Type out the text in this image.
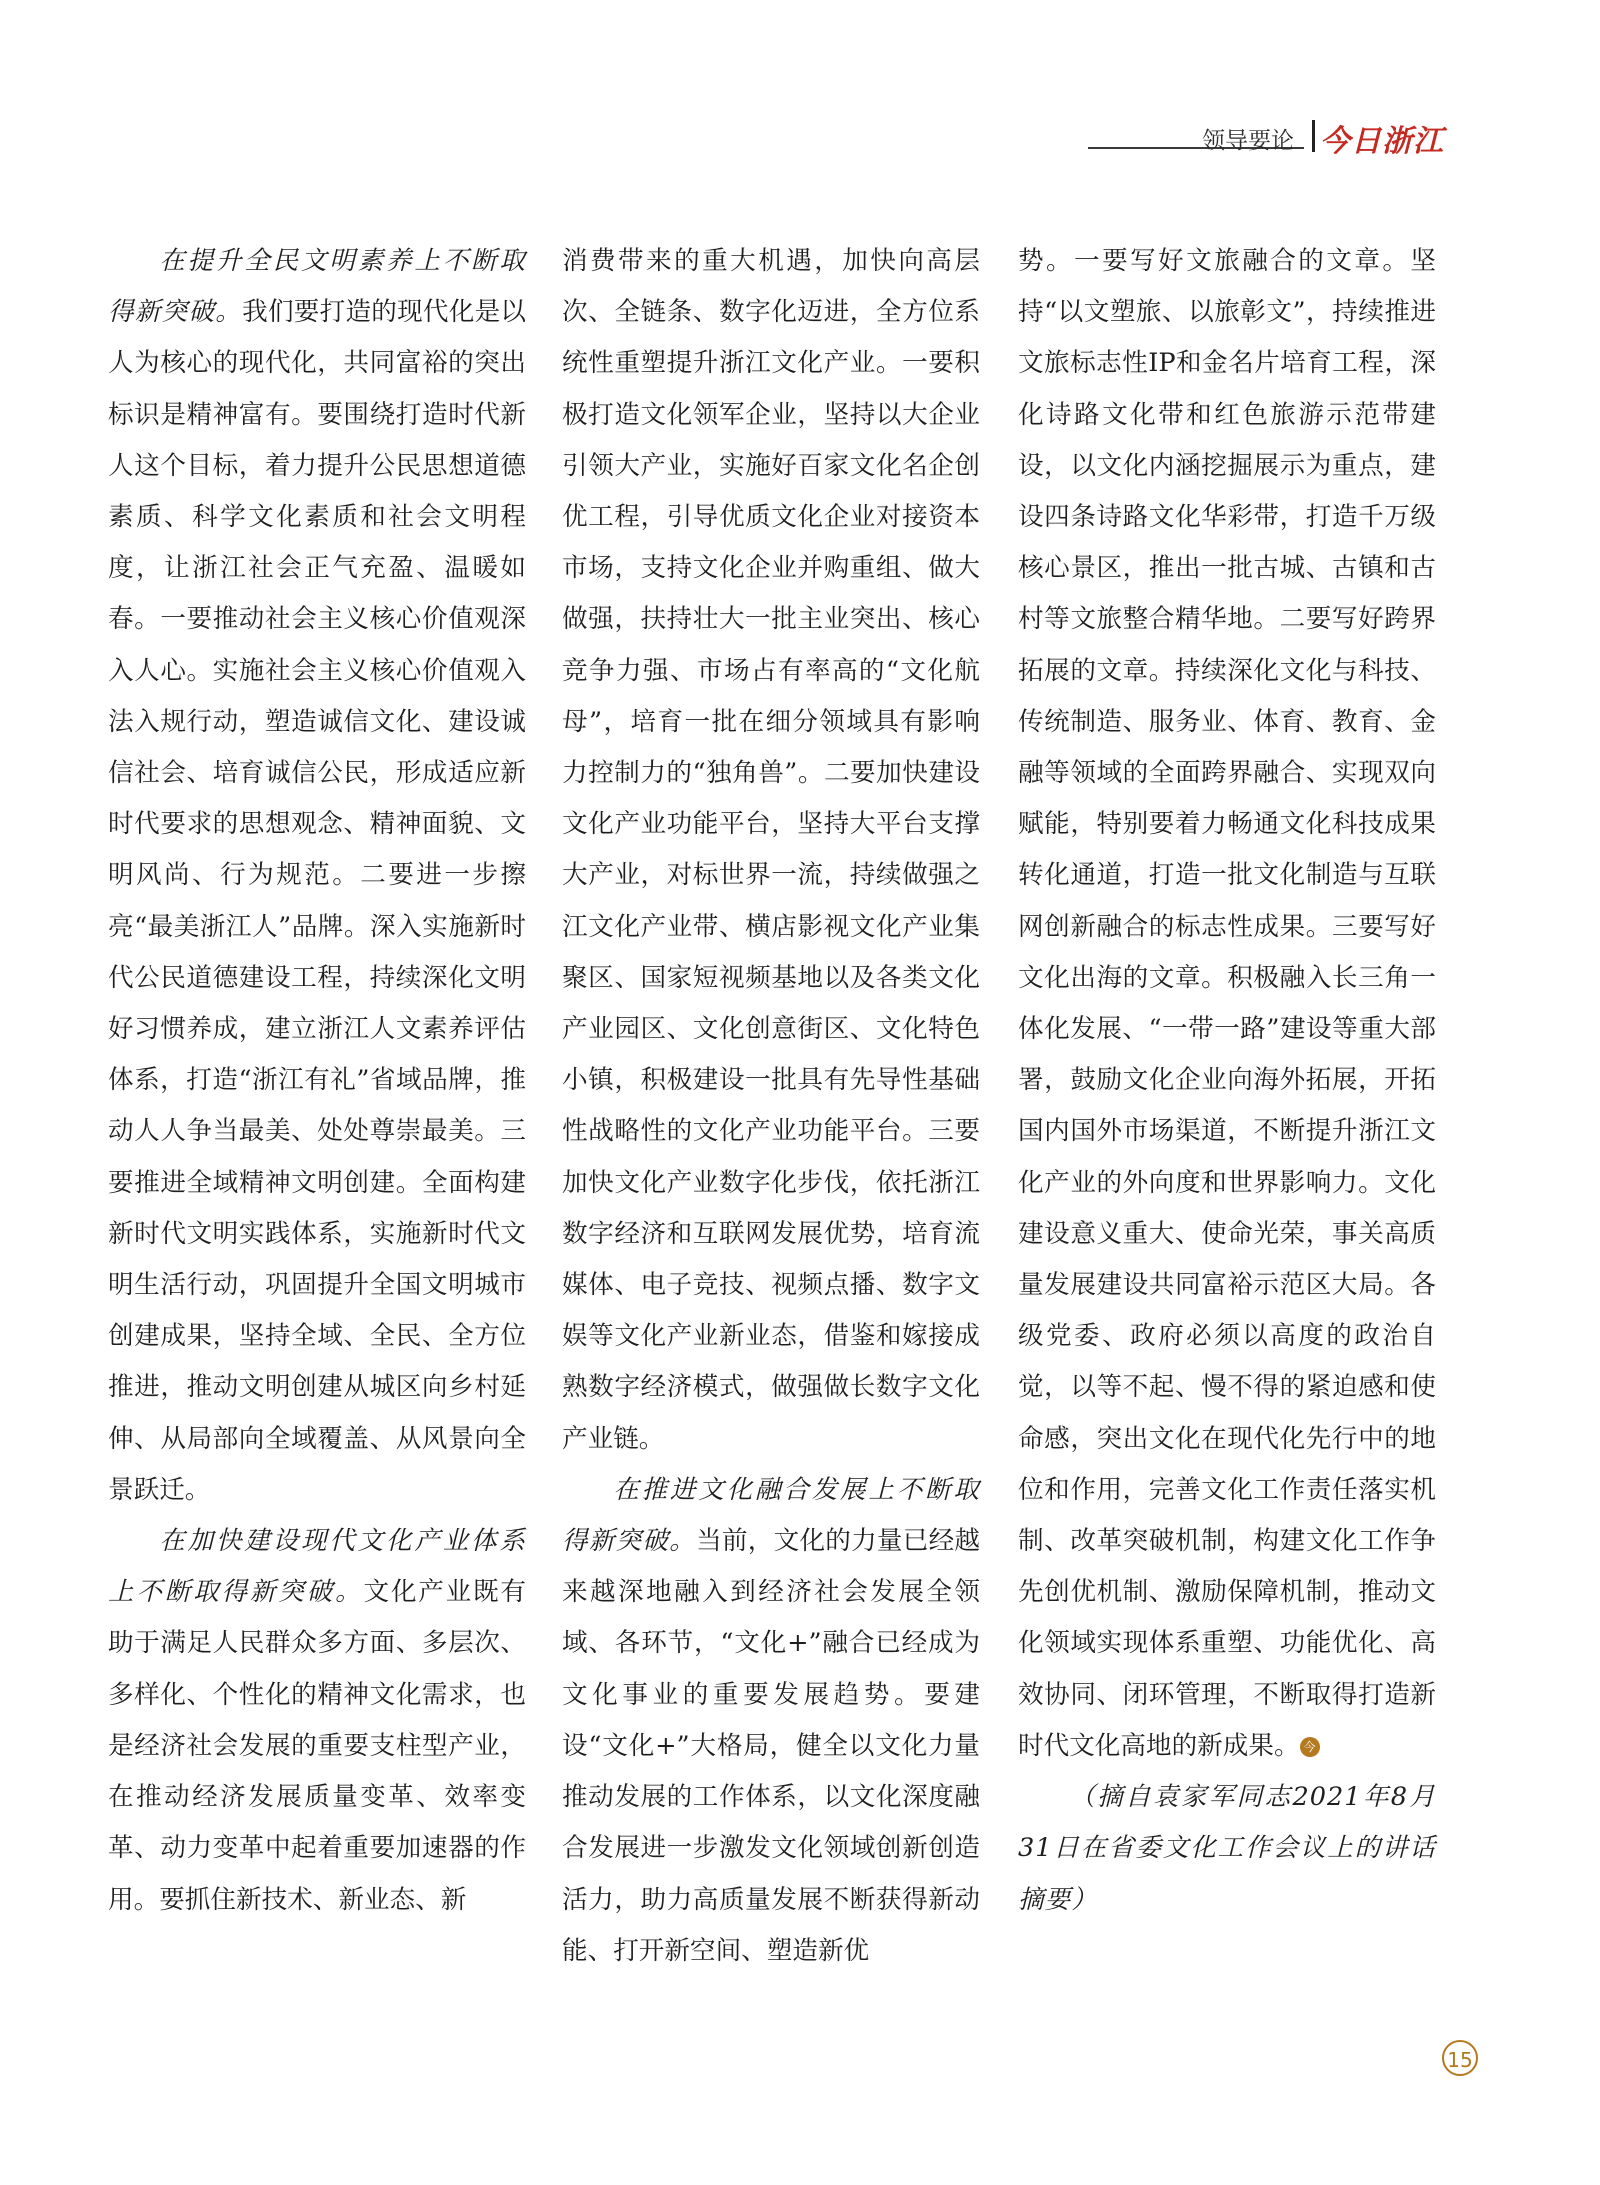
领导要论 今日浙江

在提升全民文明素养上不断取得新突破。我们要打造的现代化是以人为核心的现代化，共同富裕的突出标识是精神富有。要围绕打造时代新人这个目标，着力提升公民思想道德素质、科学文化素质和社会文明程度，让浙江社会正气充盈、温暖如春。一要推动社会主义核心价值观深入人心。实施社会主义核心价值观入法入规行动，塑造诚信文化、建设诚信社会、培育诚信公民，形成适应新时代要求的思想观念、精神面貌、文明风尚、行为规范。二要进一步擦亮“最美浙江人”品牌。深入实施新时代公民道德建设工程，持续深化文明好习惯养成，建立浙江人文素养评估体系，打造“浙江有礼”省域品牌，推动人人争当最美、处处尊崇最美。三要推进全域精神文明创建。全面构建新时代文明实践体系，实施新时代文明生活行动，巩固提升全国文明城市创建成果，坚持全域、全民、全方位推进，推动文明创建从城区向乡村延伸、从局部向全域覆盖、从风景向全景跃迁。

在加快建设现代文化产业体系上不断取得新突破。文化产业既有助于满足人民群众多方面、多层次、多样化、个性化的精神文化需求，也是经济社会发展的重要支柱型产业，在推动经济发展质量变革、效率变革、动力变革中起着重要加速器的作用。要抓住新技术、新业态、新

消费带来的重大机遇，加快向高层次、全链条、数字化迈进，全方位系统性重塑提升浙江文化产业。一要积极打造文化领军企业，坚持以大企业引领大产业，实施好百家文化名企创优工程，引导优质文化企业对接资本市场，支持文化企业并购重组、做大做强，扶持壮大一批主业突出、核心竞争力强、市场占有率高的“文化航母”，培育一批在细分领域具有影响力控制力的“独角兽”。二要加快建设文化产业功能平台，坚持大平台支撑大产业，对标世界一流，持续做强之江文化产业带、横店影视文化产业集聚区、国家短视频基地以及各类文化产业园区、文化创意街区、文化特色小镇，积极建设一批具有先导性基础性战略性的文化产业功能平台。三要加快文化产业数字化步伐，依托浙江数字经济和互联网发展优势，培育流媒体、电子竞技、视频点播、数字文娱等文化产业新业态，借鉴和嫁接成熟数字经济模式，做强做长数字文化产业链。

在推进文化融合发展上不断取得新突破。当前，文化的力量已经越来越深地融入到经济社会发展全领域、各环节，“文化+”融合已经成为文化事业的重要发展趋势。要建设“文化+”大格局，健全以文化力量推动发展的工作体系，以文化深度融合发展进一步激发文化领域创新创造活力，助力高质量发展不断获得新动能、打开新空间、塑造新优

势。一要写好文旅融合的文章。坚持“以文塑旅、以旅彰文”，持续推进文旅标志性IP和金名片培育工程，深化诗路文化带和红色旅游示范带建设，以文化内涵挖掘展示为重点，建设四条诗路文化华彩带，打造千万级核心景区，推出一批古城、古镇和古村等文旅整合精华地。二要写好跨界拓展的文章。持续深化文化与科技、传统制造、服务业、体育、教育、金融等领域的全面跨界融合、实现双向赋能，特别要着力畅通文化科技成果转化通道，打造一批文化制造与互联网创新融合的标志性成果。三要写好文化出海的文章。积极融入长三角一体化发展、“一带一路”建设等重大部署，鼓励文化企业向海外拓展，开拓国内国外市场渠道，不断提升浙江文化产业的外向度和世界影响力。文化建设意义重大、使命光荣，事关高质量发展建设共同富裕示范区大局。各级党委、政府必须以高度的政治自觉，以等不起、慢不得的紧迫感和使命感，突出文化在现代化先行中的地位和作用，完善文化工作责任落实机制、改革突破机制，构建文化工作争先创优机制、激励保障机制，推动文化领域实现体系重塑、功能优化、高效协同、闭环管理，不断取得打造新时代文化高地的新成果。 今

（摘自袁家军同志2021年8月31日在省委文化工作会议上的讲话摘要）

15
